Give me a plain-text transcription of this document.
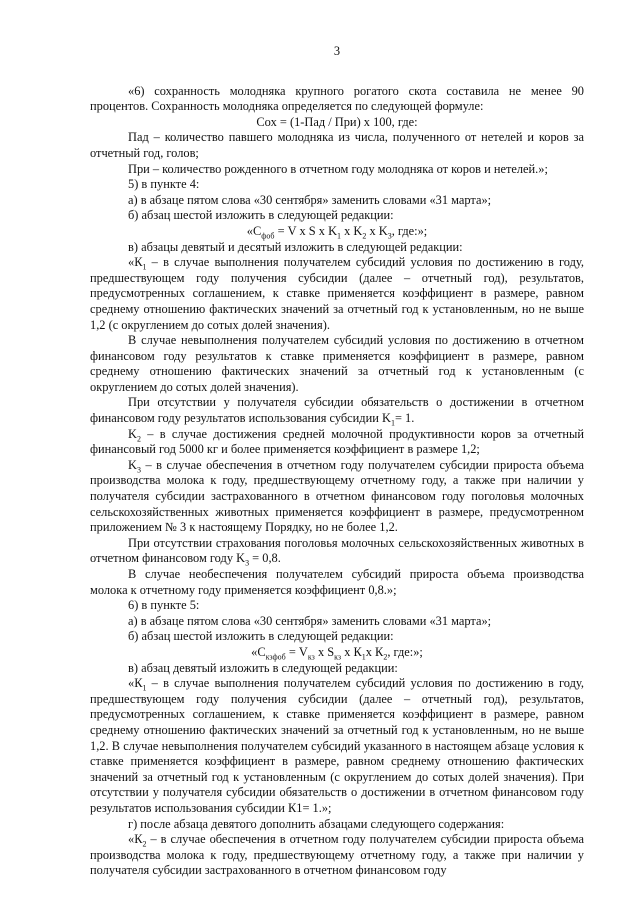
3

«6) сохранность молодняка крупного рогатого скота составила не менее 90 процентов. Сохранность молодняка определяется по следующей формуле:

Сох = (1-Пад / При) х 100, где:

Пад – количество павшего молодняка из числа, полученного от нетелей и коров за отчетный год, голов;

При – количество рожденного в отчетном году молодняка от коров и нетелей.»;

5) в пункте 4:

а) в абзаце пятом слова «30 сентября» заменить словами «31 марта»;

б) абзац шестой изложить в следующей редакции:

«$С_{фоб} = V$ х S х $K_1$ х $K_2$ х $K_3$, где:»;

в) абзацы девятый и десятый изложить в следующей редакции:

«$К_1$ – в случае выполнения получателем субсидий условия по достижению в году, предшествующем году получения субсидии (далее – отчетный год), результатов, предусмотренных соглашением, к ставке применяется коэффициент в размере, равном среднему отношению фактических значений за отчетный год к установленным, но не выше 1,2 (с округлением до сотых долей значения).

В случае невыполнения получателем субсидий условия по достижению в отчетном финансовом году результатов к ставке применяется коэффициент в размере, равном среднему отношению фактических значений за отчетный год к установленным (с округлением до сотых долей значения).

При отсутствии у получателя субсидии обязательств о достижении в отчетном финансовом году результатов использования субсидии $K_1= 1$.

$K_2$ – в случае достижения средней молочной продуктивности коров за отчетный финансовый год 5000 кг и более применяется коэффициент в размере 1,2;

$K_3$ – в случае обеспечения в отчетном году получателем субсидии прироста объема производства молока к году, предшествующему отчетному году, а также при наличии у получателя субсидии застрахованного в отчетном финансовом году поголовья молочных сельскохозяйственных животных применяется коэффициент в размере, предусмотренном приложением № 3 к настоящему Порядку, но не более 1,2.

При отсутствии страхования поголовья молочных сельскохозяйственных животных в отчетном финансовом году $K_3 = 0,8$.

В случае необеспечения получателем субсидий прироста объема производства молока к отчетному году применяется коэффициент 0,8.»;

6) в пункте 5:

а) в абзаце пятом слова «30 сентября» заменить словами «31 марта»;

б) абзац шестой изложить в следующей редакции:

«$С_{кзфоб} = V_{кз}$ х $S_{кз}$ х $К_1х$ $К_2$, где:»;

в) абзац девятый изложить в следующей редакции:

«$К_1$ – в случае выполнения получателем субсидий условия по достижению в году, предшествующем году получения субсидии (далее – отчетный год), результатов, предусмотренных соглашением, к ставке применяется коэффициент в размере, равном среднему отношению фактических значений за отчетный год к установленным, но не выше 1,2. В случае невыполнения получателем субсидий указанного в настоящем абзаце условия к ставке применяется коэффициент в размере, равном среднему отношению фактических значений за отчетный год к установленным (с округлением до сотых долей значения). При отсутствии у получателя субсидии обязательств о достижении в отчетном финансовом году результатов использования субсидии К1= 1.»;

г) после абзаца девятого дополнить абзацами следующего содержания:

«$К_2$ – в случае обеспечения в отчетном году получателем субсидии прироста объема производства молока к году, предшествующему отчетному году, а также при наличии у получателя субсидии застрахованного в отчетном финансовом году
